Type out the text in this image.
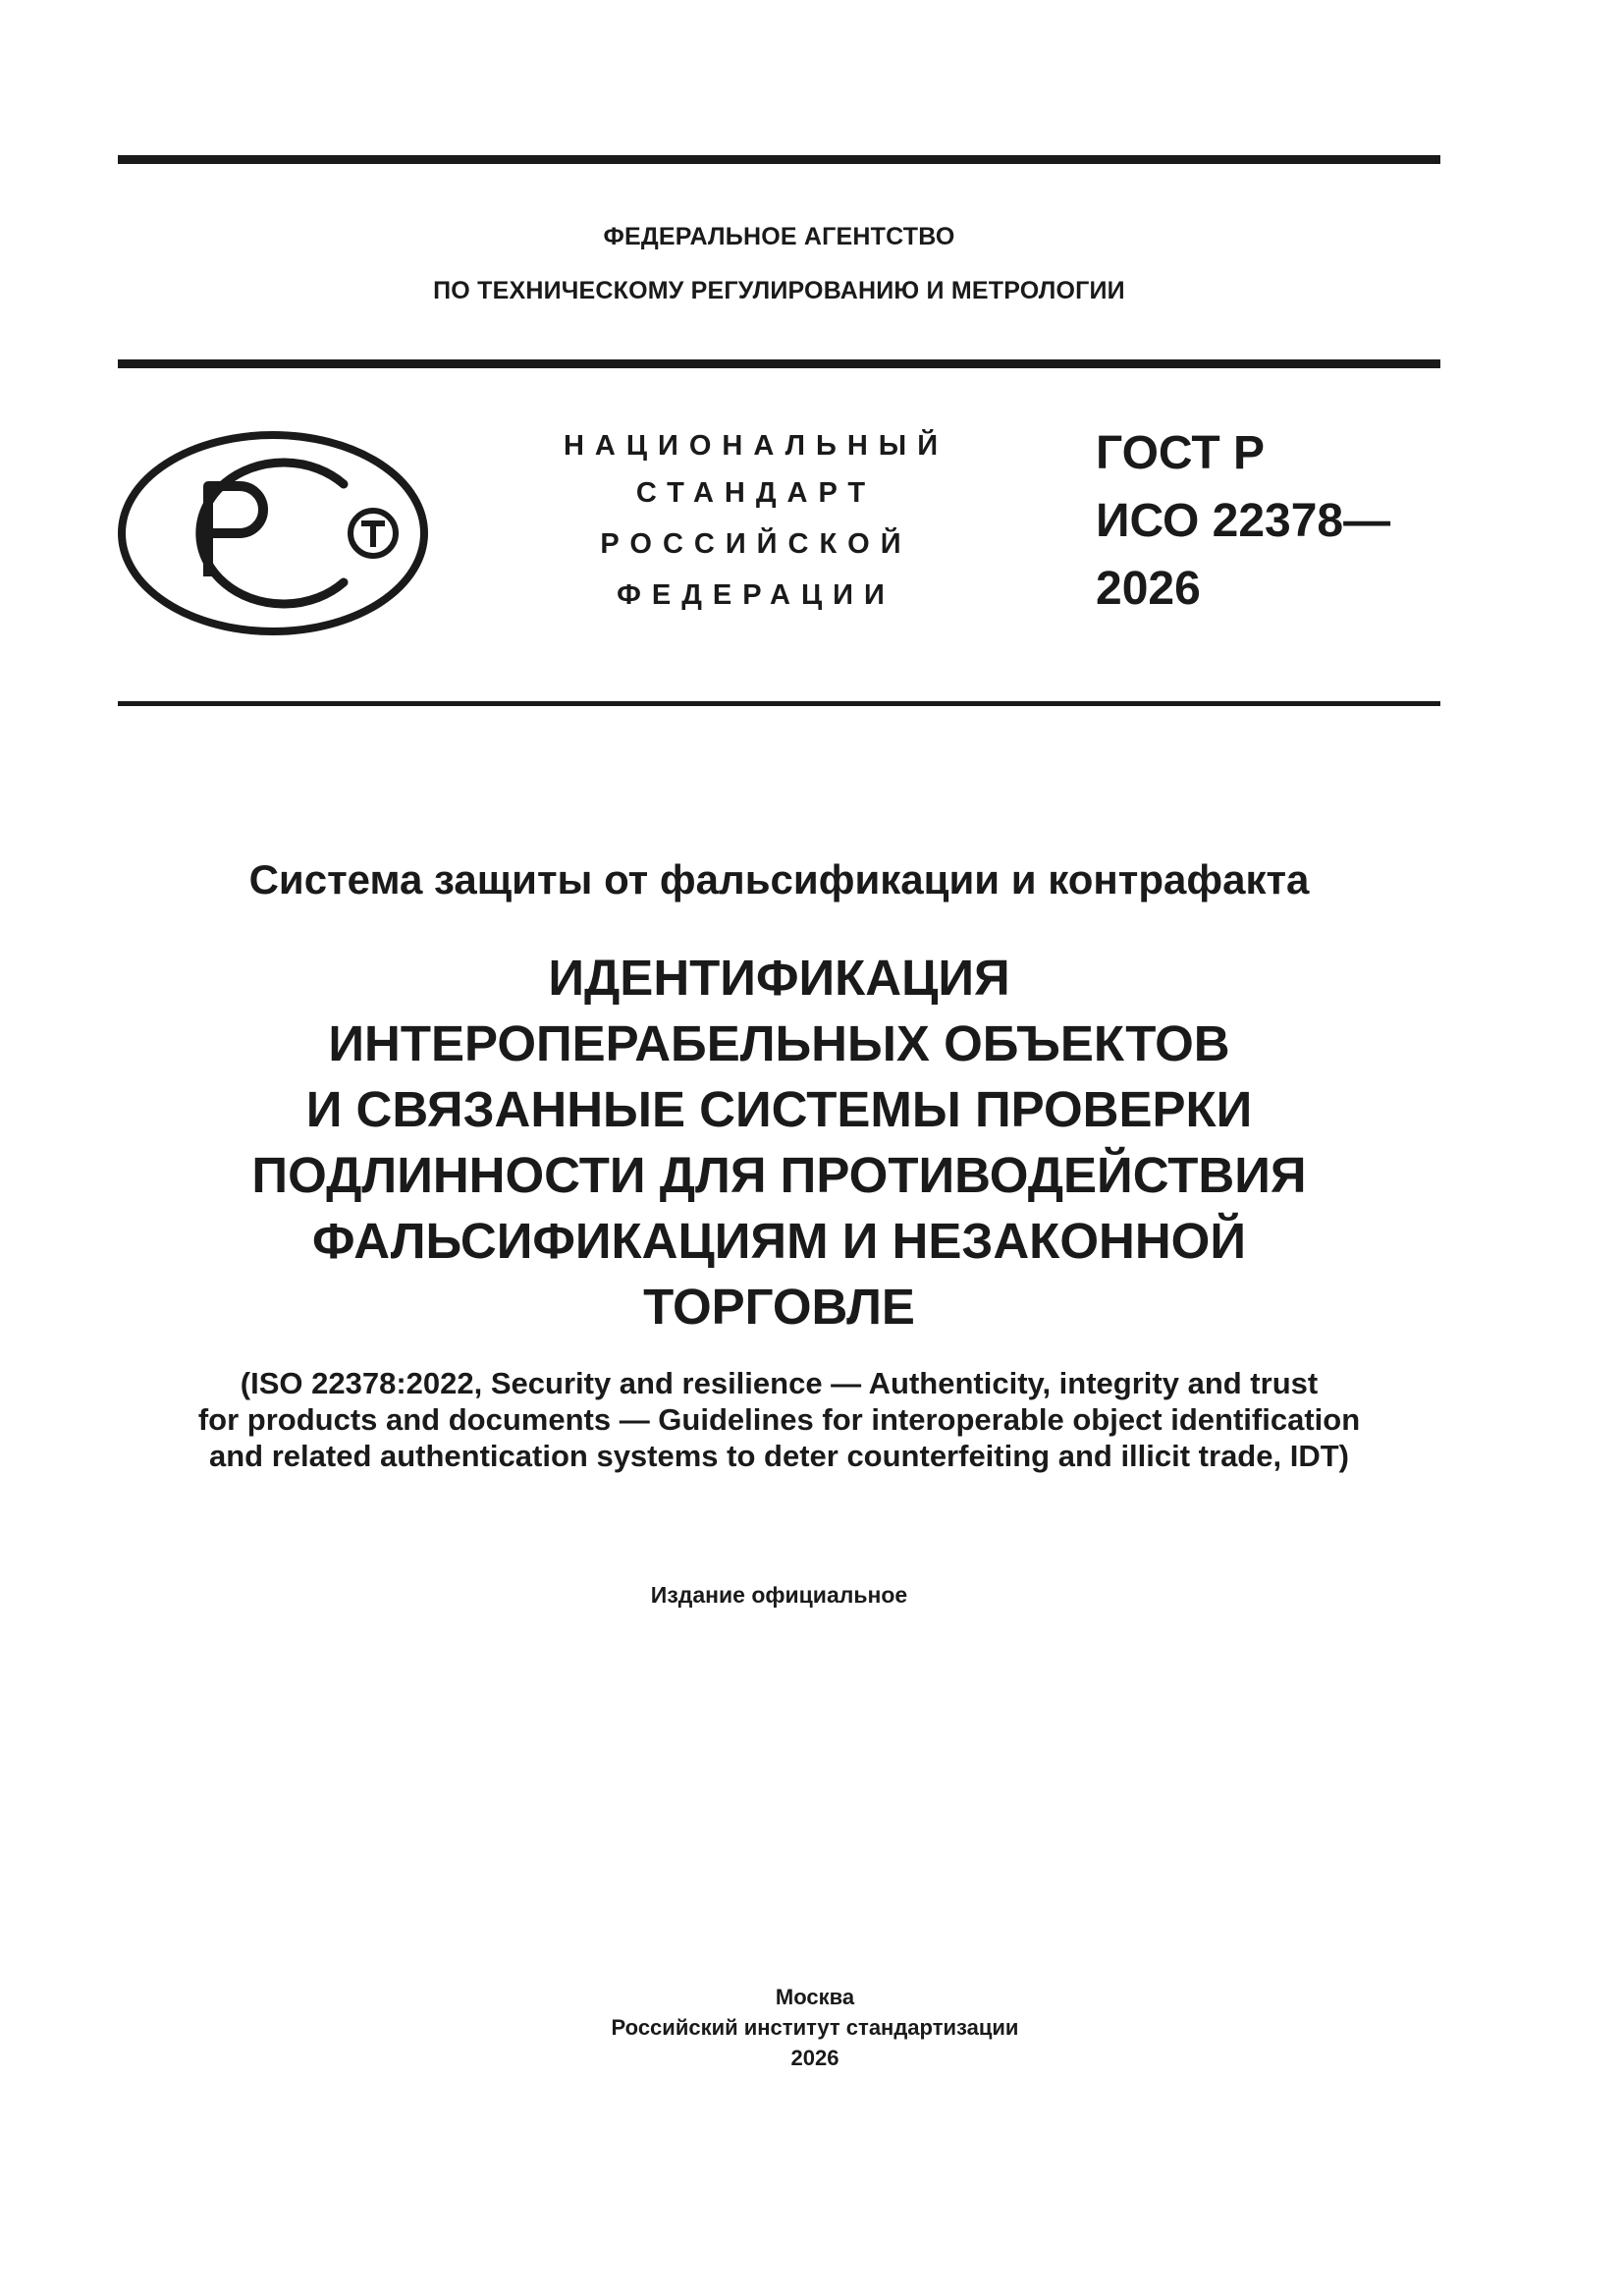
ФЕДЕРАЛЬНОЕ АГЕНТСТВО
ПО ТЕХНИЧЕСКОМУ РЕГУЛИРОВАНИЮ И МЕТРОЛОГИИ
НАЦИОНАЛЬНЫЙ
СТАНДАРТ
РОССИЙСКОЙ
ФЕДЕРАЦИИ
ГОСТ Р
ИСО 22378—
2026
Система защиты от фальсификации и контрафакта
ИДЕНТИФИКАЦИЯ
ИНТЕРОПЕРАБЕЛЬНЫХ ОБЪЕКТОВ
И СВЯЗАННЫЕ СИСТЕМЫ ПРОВЕРКИ
ПОДЛИННОСТИ ДЛЯ ПРОТИВОДЕЙСТВИЯ
ФАЛЬСИФИКАЦИЯМ И НЕЗАКОННОЙ
ТОРГОВЛЕ
(ISO 22378:2022, Security and resilience — Authenticity, integrity and trust
for products and documents — Guidelines for interoperable object identification
and related authentication systems to deter counterfeiting and illicit trade, IDT)
Издание официальное
Москва
Российский институт стандартизации
2026
